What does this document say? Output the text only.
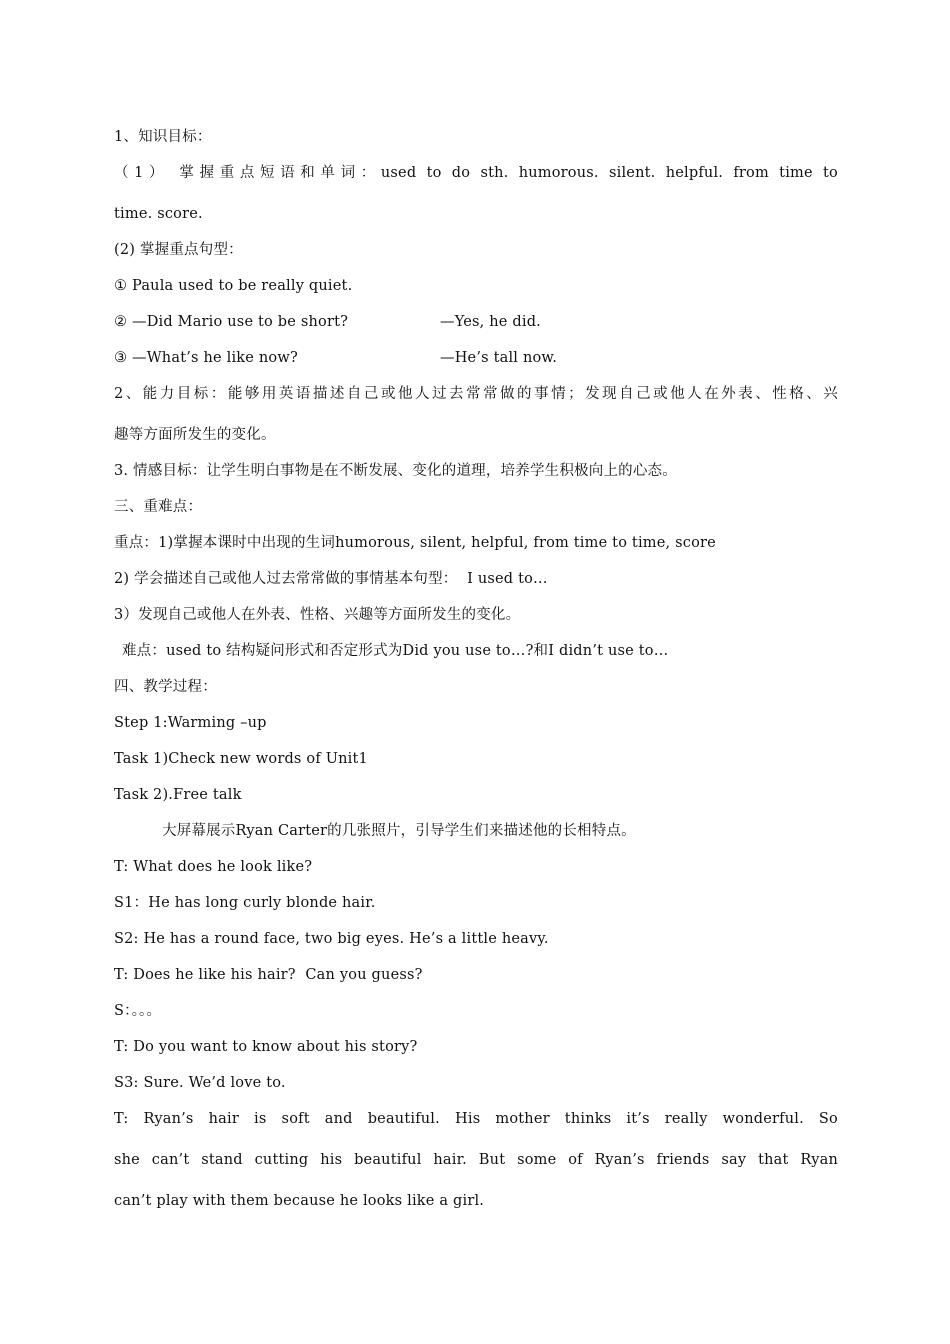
1、知识目标：
（1） 掌握重点短语和单词：used to do sth. humorous. silent. helpful. from time to
time. score.
(2) 掌握重点句型：
① Paula used to be really quiet.
② —Did Mario use to be short?	—Yes, he did.
③ —What’s he like now?	—He’s tall now.
2、能力目标：能够用英语描述自己或他人过去常常做的事情；发现自己或他人在外表、性格、兴
趣等方面所发生的变化。
3. 情感目标：让学生明白事物是在不断发展、变化的道理，培养学生积极向上的心态。
三、重难点：
重点：1)掌握本课时中出现的生词humorous, silent, helpful, from time to time, score
2) 学会描述自己或他人过去常常做的事情基本句型：  I used to…
3）发现自己或他人在外表、性格、兴趣等方面所发生的变化。
难点：used to 结构疑问形式和否定形式为Did you use to…?和I didn’t use to…
四、教学过程：
Step 1:Warming –up
Task 1)Check new words of Unit1
Task 2).Free talk
大屏幕展示Ryan Carter的几张照片，引导学生们来描述他的长相特点。
T: What does he look like?
S1：He has long curly blonde hair.
S2: He has a round face, two big eyes. He’s a little heavy.
T: Does he like his hair?  Can you guess?
S：。。。
T: Do you want to know about his story?
S3: Sure. We’d love to.
T: Ryan’s hair is soft and beautiful. His mother thinks it’s really wonderful. So
she can’t stand cutting his beautiful hair. But some of Ryan’s friends say that Ryan
can’t play with them because he looks like a girl.
